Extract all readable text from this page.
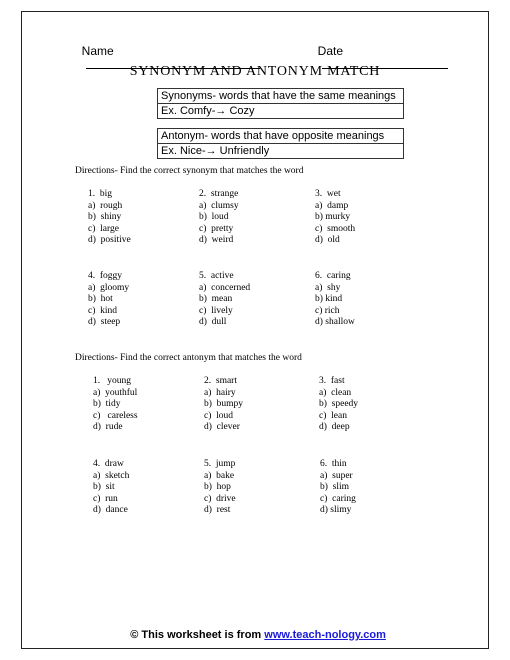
Name
	Date

SYNONYM AND ANTONYM MATCH
Synonyms- words that have the same meanings
Ex. Comfy-→ Cozy
Antonym- words that have opposite meanings
Ex. Nice-→ Unfriendly
Directions- Find the correct synonym that matches the word
1.  big
a)  rough
b)  shiny
c)  large
d)  positive
2.  strange
a)  clumsy
b)  loud
c)  pretty
d)  weird
3.  wet
a)  damp
b) murky
c)  smooth
d)  old
4.  foggy
a)  gloomy
b)  hot
c)  kind
d)  steep
5.  active
a)  concerned
b)  mean
c)  lively
d)  dull
6.  caring
a)  shy
b) kind
c) rich
d) shallow
Directions- Find the correct antonym that matches the word
1.   young
a)  youthful
b)  tidy
c)   careless
d)  rude
2.  smart
a)  hairy
b)  bumpy
c)  loud
d)  clever
3.  fast
a)  clean
b)  speedy
c)  lean
d)  deep
4.  draw
a)  sketch
b)  sit
c)  run
d)  dance
5.  jump
a)  bake
b)  hop
c)  drive
d)  rest
6.  thin
a)  super
b)  slim
c)  caring
d) slimy

© This worksheet is from www.teach-nology.com
